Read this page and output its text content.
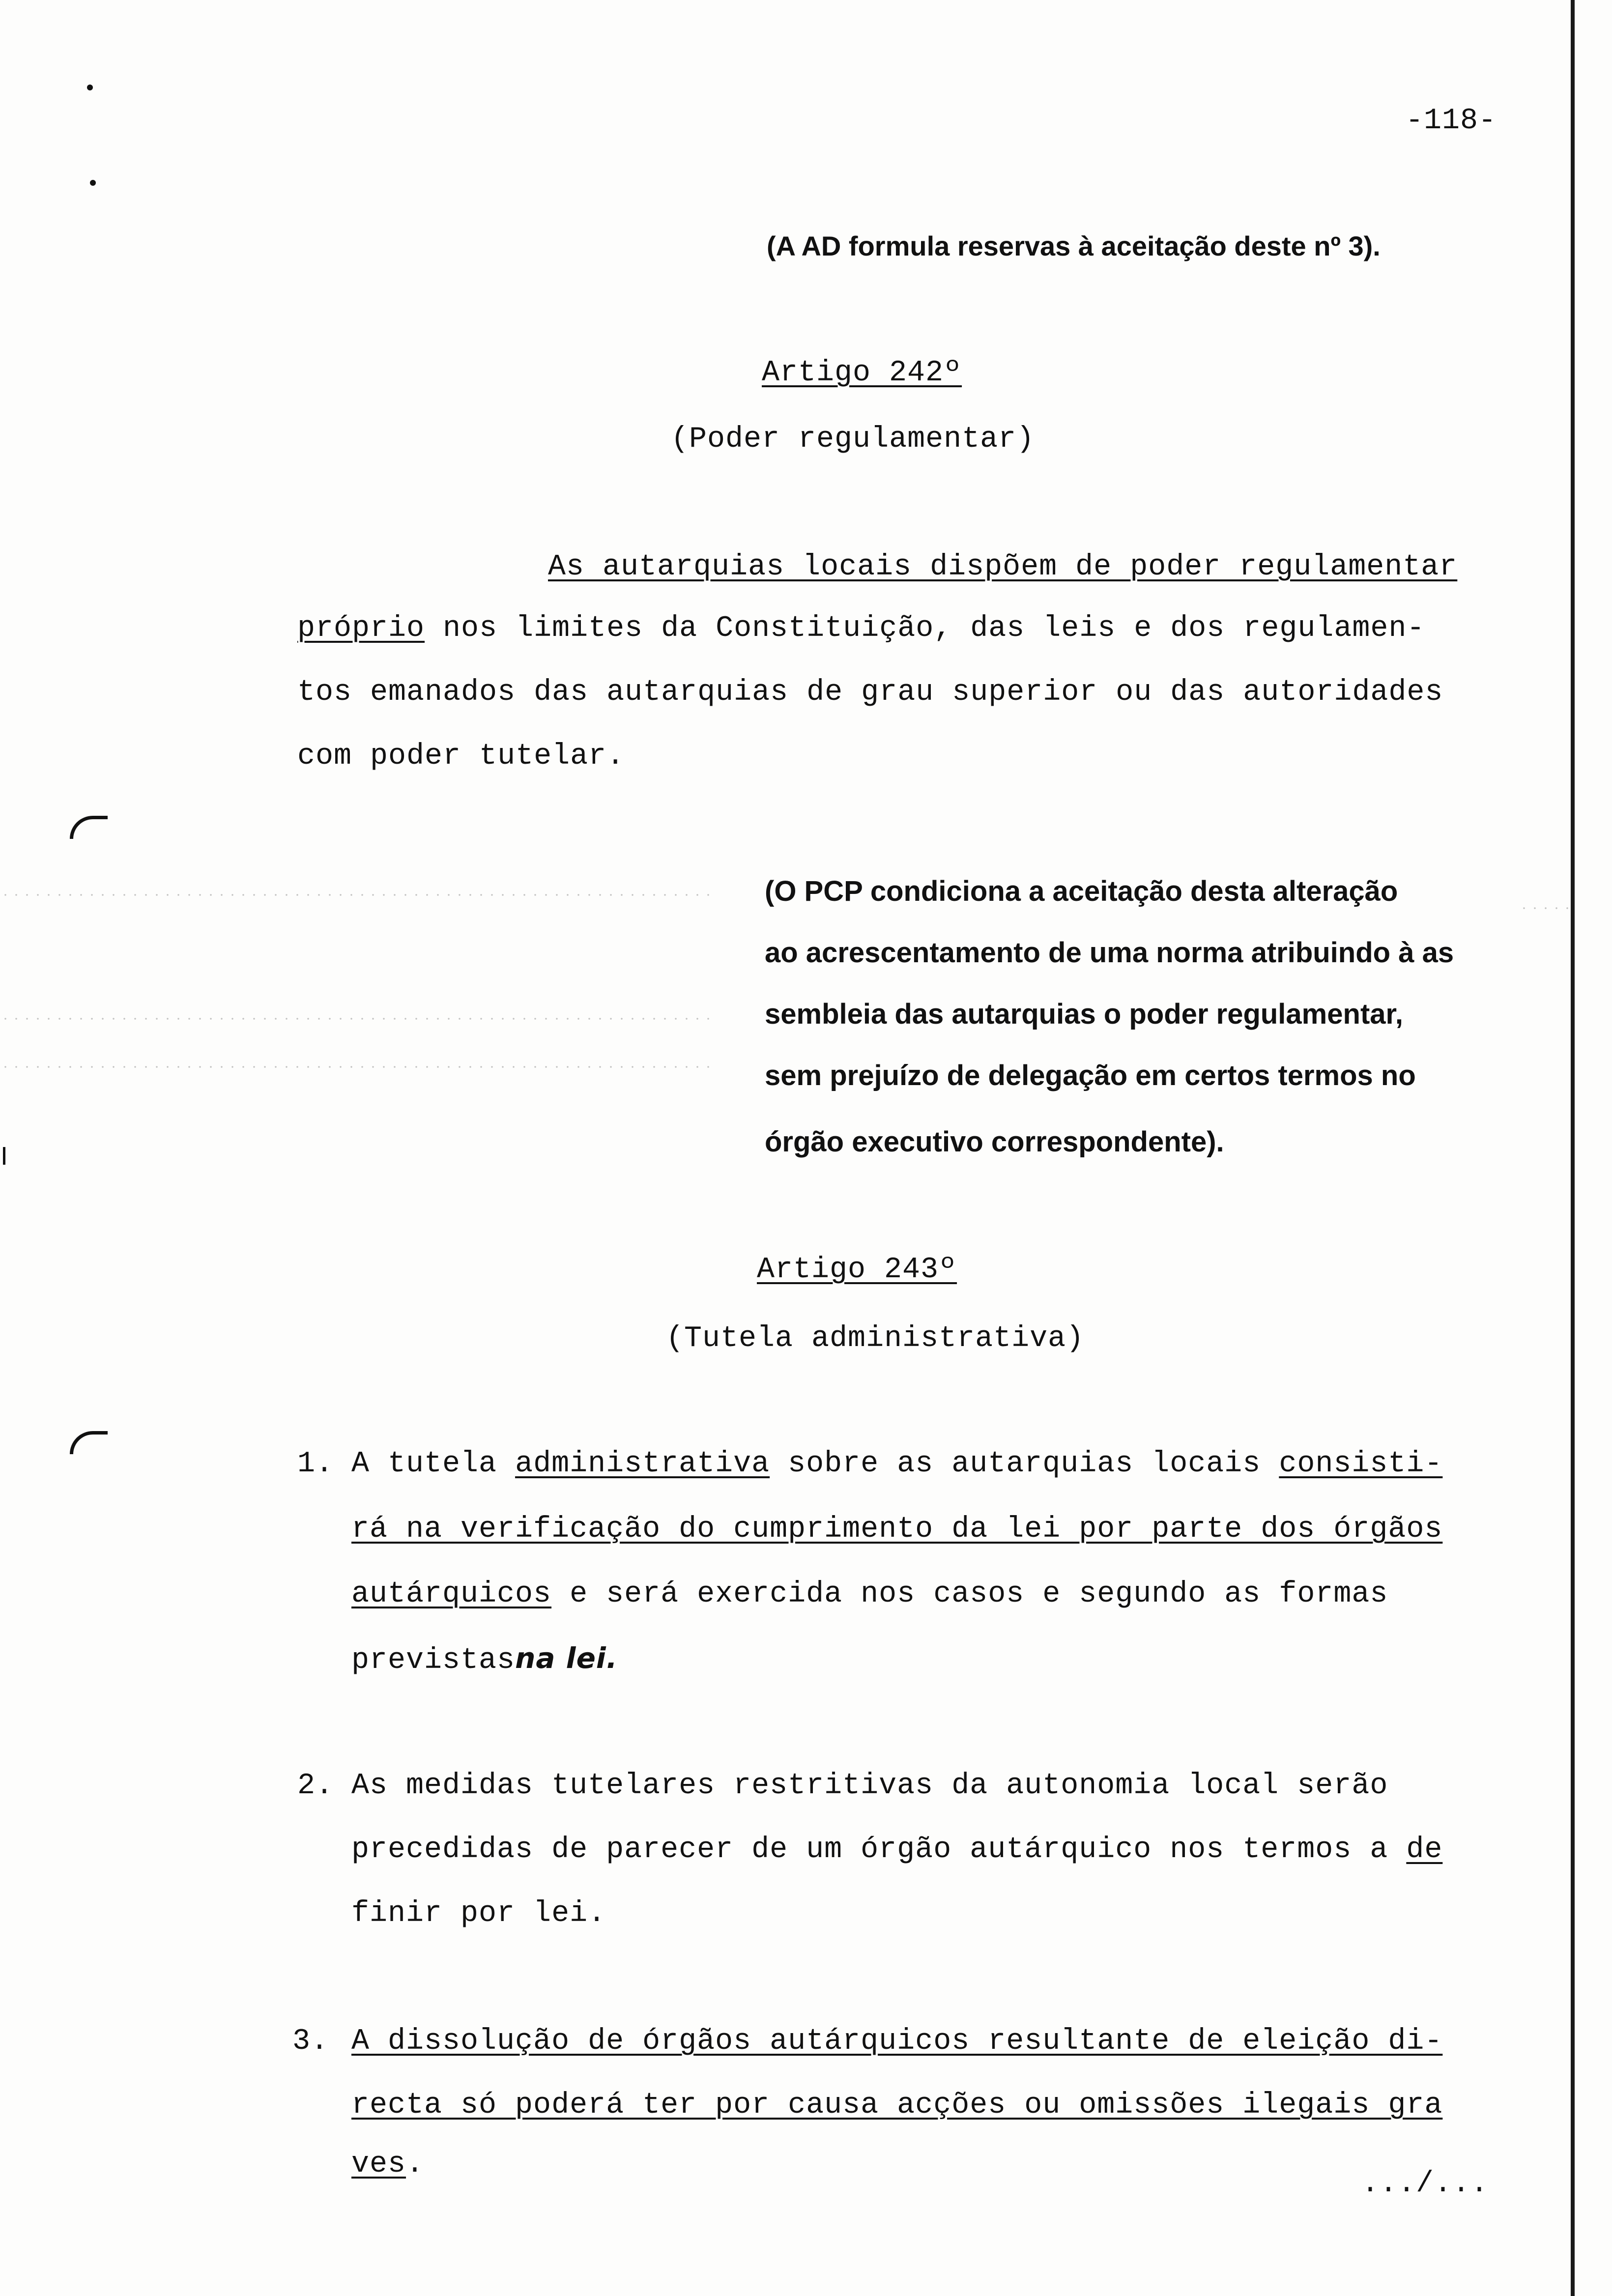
-118-
(A AD formula reservas à aceitação deste nº 3).
Artigo 242º
(Poder regulamentar)
As autarquias locais dispõem de poder regulamentar
próprio nos limites da Constituição, das leis e dos regulamen-
tos emanados das autarquias de grau superior ou das autoridades
com poder tutelar.
(O PCP condiciona a aceitação desta alteração
ao acrescentamento de uma norma atribuindo à as
sembleia das autarquias o poder regulamentar,
sem prejuízo de delegação em certos termos no
órgão executivo correspondente).
Artigo 243º
(Tutela administrativa)
1. A tutela administrativa sobre as autarquias locais consisti-
rá na verificação do cumprimento da lei por parte dos órgãos
autárquicos e será exercida nos casos e segundo as formas
previstasna lei.
2. As medidas tutelares restritivas da autonomia local serão
precedidas de parecer de um órgão autárquico nos termos a de
finir por lei.
3. A dissolução de órgãos autárquicos resultante de eleição di-
recta só poderá ter por causa acções ou omissões ilegais gra
ves.
.../...
